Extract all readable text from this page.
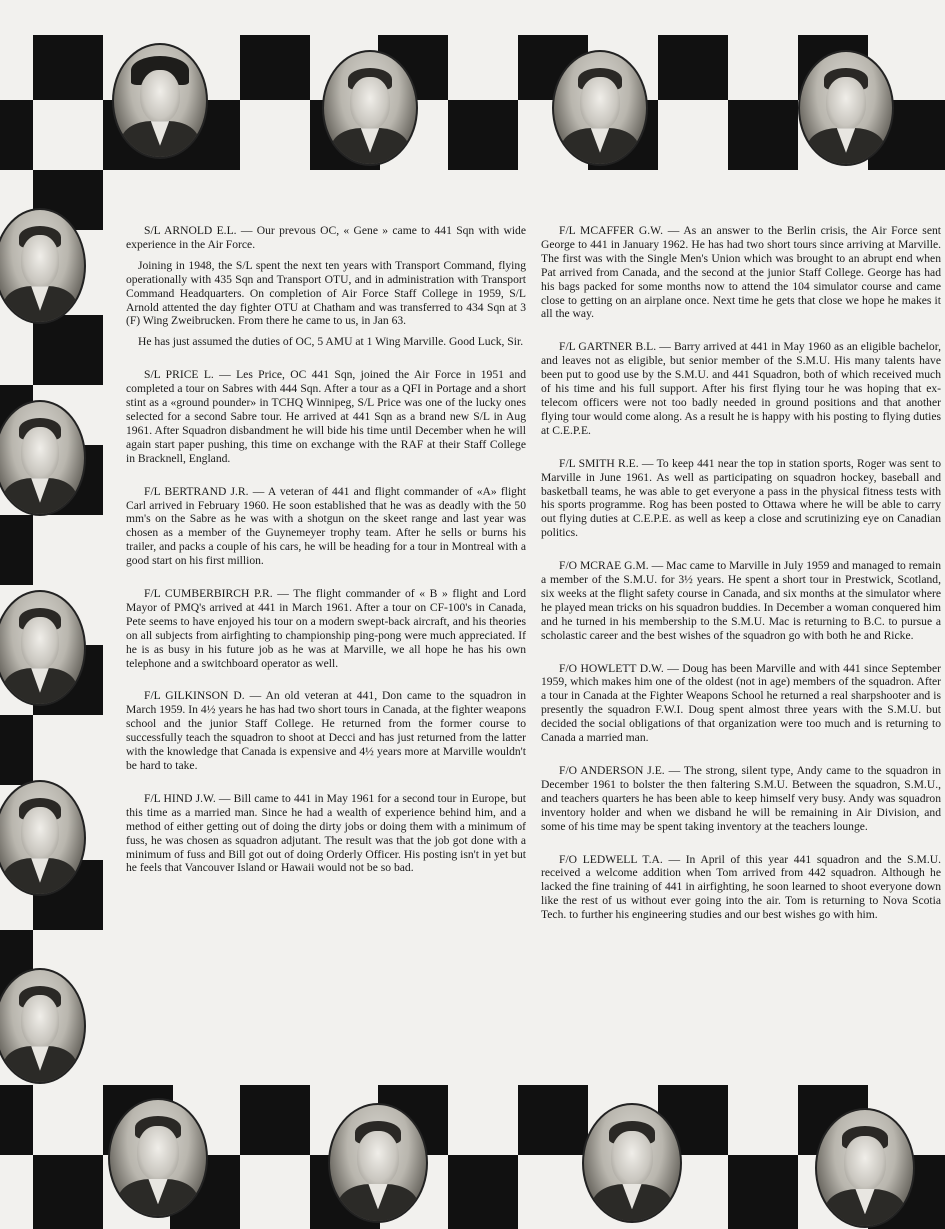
S/L ARNOLD E.L. — Our prevous OC, « Gene » came to 441 Sqn with wide experience in the Air Force.

Joining in 1948, the S/L spent the next ten years with Transport Command, flying operationally with 435 Sqn and Transport OTU, and in administration with Transport Command Headquarters. On completion of Air Force Staff College in 1959, S/L Arnold attented the day fighter OTU at Chatham and was transferred to 434 Sqn at 3 (F) Wing Zweibrucken. From there he came to us, in Jan 63.

He has just assumed the duties of OC, 5 AMU at 1 Wing Marville. Good Luck, Sir.

S/L PRICE L. — Les Price, OC 441 Sqn, joined the Air Force in 1951 and completed a tour on Sabres with 444 Sqn. After a tour as a QFI in Portage and a short stint as a «ground pounder» in TCHQ Winnipeg, S/L Price was one of the lucky ones selected for a second Sabre tour. He arrived at 441 Sqn as a brand new S/L in Aug 1961. After Squadron disbandment he will bide his time until December when he will again start paper pushing, this time on exchange with the RAF at their Staff College in Bracknell, England.

F/L BERTRAND J.R. — A veteran of 441 and flight commander of «A» flight Carl arrived in February 1960. He soon established that he was as deadly with the 50 mm's on the Sabre as he was with a shotgun on the skeet range and last year was chosen as a member of the Guynemeyer trophy team. After he sells or burns his trailer, and packs a couple of his cars, he will be heading for a tour in Montreal with a good start on his first million.

F/L CUMBERBIRCH P.R. — The flight commander of « B » flight and Lord Mayor of PMQ's arrived at 441 in March 1961. After a tour on CF-100's in Canada, Pete seems to have enjoyed his tour on a modern swept-back aircraft, and his theories on all subjects from airfighting to championship ping-pong were much appreciated. If he is as busy in his future job as he was at Marville, we all hope he has his own telephone and a switchboard operator as well.

F/L GILKINSON D. — An old veteran at 441, Don came to the squadron in March 1959. In 4½ years he has had two short tours in Canada, at the fighter weapons school and the junior Staff College. He returned from the former course to successfully teach the squadron to shoot at Decci and has just returned from the latter with the knowledge that Canada is expensive and 4½ years more at Marville wouldn't be hard to take.

F/L HIND J.W. — Bill came to 441 in May 1961 for a second tour in Europe, but this time as a married man. Since he had a wealth of experience behind him, and a method of either getting out of doing the dirty jobs or doing them with a minimum of fuss, he was chosen as squadron adjutant. The result was that the job got done with a minimum of fuss and Bill got out of doing Orderly Officer. His posting isn't in yet but he feels that Vancouver Island or Hawaii would not be so bad.

F/L MCAFFER G.W. — As an answer to the Berlin crisis, the Air Force sent George to 441 in January 1962. He has had two short tours since arriving at Marville. The first was with the Single Men's Union which was brought to an abrupt end when Pat arrived from Canada, and the second at the junior Staff College. George has had his bags packed for some months now to attend the 104 simulator course and came close to getting on an airplane once. Next time he gets that close we hope he makes it all the way.

F/L GARTNER B.L. — Barry arrived at 441 in May 1960 as an eligible bachelor, and leaves not as eligible, but senior member of the S.M.U. His many talents have been put to good use by the S.M.U. and 441 Squadron, both of which received much of his time and his full support. After his first flying tour he was hoping that ex-telecom officers were not too badly needed in ground positions and that another flying tour would come along. As a result he is happy with his posting to flying duties at C.E.P.E.

F/L SMITH R.E. — To keep 441 near the top in station sports, Roger was sent to Marville in June 1961. As well as participating on squadron hockey, baseball and basketball teams, he was able to get everyone a pass in the physical fitness tests with his sports programme. Rog has been posted to Ottawa where he will be able to carry out flying duties at C.E.P.E. as well as keep a close and scrutinizing eye on Canadian politics.

F/O MCRAE G.M. — Mac came to Marville in July 1959 and managed to remain a member of the S.M.U. for 3½ years. He spent a short tour in Prestwick, Scotland, six weeks at the flight safety course in Canada, and six months at the simulator where he played mean tricks on his squadron buddies. In December a woman conquered him and he turned in his membership to the S.M.U. Mac is returning to B.C. to pursue a scholastic career and the best wishes of the squadron go with both he and Ricke.

F/O HOWLETT D.W. — Doug has been Marville and with 441 since September 1959, which makes him one of the oldest (not in age) members of the squadron. After a tour in Canada at the Fighter Weapons School he returned a real sharpshooter and is presently the squadron F.W.I. Doug spent almost three years with the S.M.U. but decided the social obligations of that organization were too much and is returning to Canada a married man.

F/O ANDERSON J.E. — The strong, silent type, Andy came to the squadron in December 1961 to bolster the then faltering S.M.U. Between the squadron, S.M.U., and teachers quarters he has been able to keep himself very busy. Andy was squadron inventory holder and when we disband he will be remaining in Air Division, and some of his time may be spent taking inventory at the teachers lounge.

F/O LEDWELL T.A. — In April of this year 441 squadron and the S.M.U. received a welcome addition when Tom arrived from 442 squadron. Although he lacked the fine training of 441 in airfighting, he soon learned to shoot everyone down like the rest of us without ever going into the air. Tom is returning to Nova Scotia Tech. to further his engineering studies and our best wishes go with him.
